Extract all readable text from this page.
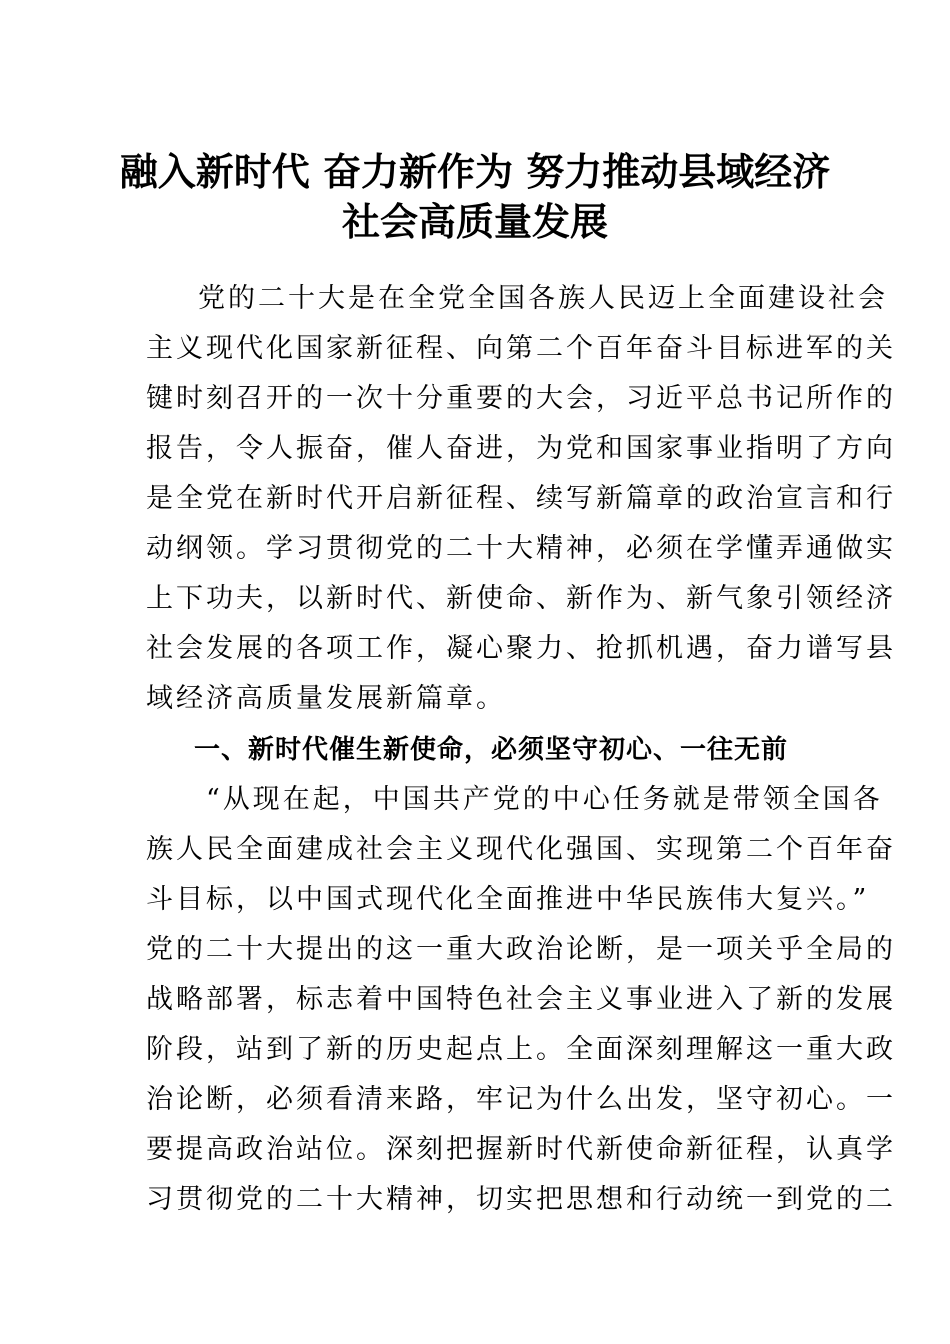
融入新时代 奋力新作为 努力推动县域经济
社会高质量发展

党的二十大是在全党全国各族人民迈上全面建设社会

主义现代化国家新征程、向第二个百年奋斗目标进军的关

键时刻召开的一次十分重要的大会，习近平总书记所作的

报告，令人振奋，催人奋进，为党和国家事业指明了方向

是全党在新时代开启新征程、续写新篇章的政治宣言和行

动纲领。学习贯彻党的二十大精神，必须在学懂弄通做实

上下功夫，以新时代、新使命、新作为、新气象引领经济

社会发展的各项工作，凝心聚力、抢抓机遇，奋力谱写县

域经济高质量发展新篇章。

一、新时代催生新使命，必须坚守初心、一往无前

“从现在起，中国共产党的中心任务就是带领全国各

族人民全面建成社会主义现代化强国、实现第二个百年奋

斗目标，以中国式现代化全面推进中华民族伟大复兴。”

党的二十大提出的这一重大政治论断，是一项关乎全局的

战略部署，标志着中国特色社会主义事业进入了新的发展

阶段，站到了新的历史起点上。全面深刻理解这一重大政

治论断，必须看清来路，牢记为什么出发，坚守初心。一

要提高政治站位。深刻把握新时代新使命新征程，认真学

习贯彻党的二十大精神，切实把思想和行动统一到党的二
